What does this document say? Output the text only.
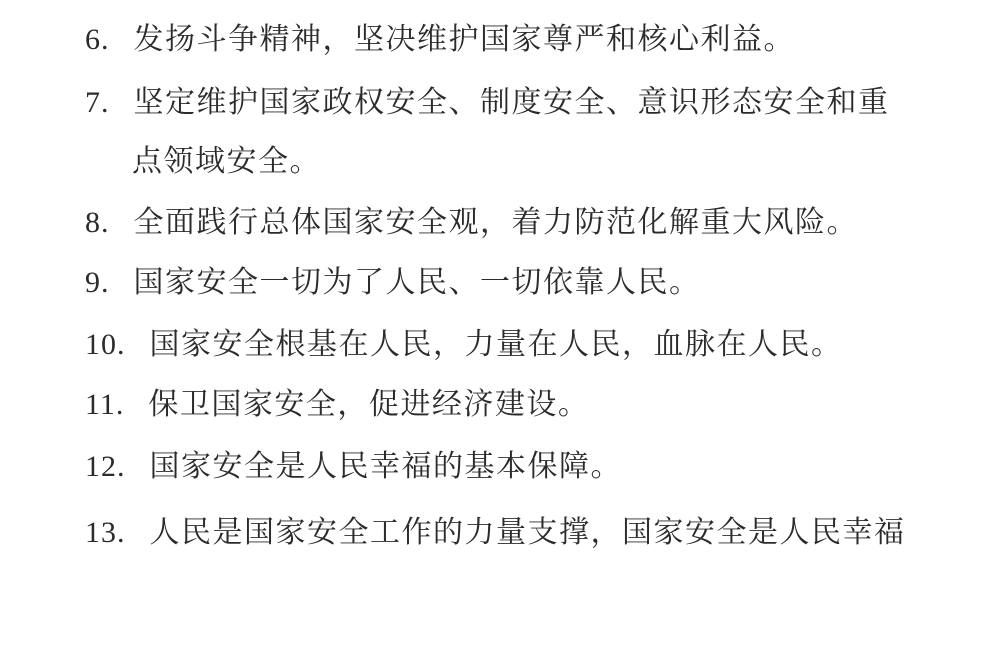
6. 发扬斗争精神，坚决维护国家尊严和核心利益。
7. 坚定维护国家政权安全、制度安全、意识形态安全和重
点领域安全。
8. 全面践行总体国家安全观，着力防范化解重大风险。
9. 国家安全一切为了人民、一切依靠人民。
10. 国家安全根基在人民，力量在人民，血脉在人民。
11. 保卫国家安全，促进经济建设。
12. 国家安全是人民幸福的基本保障。
13. 人民是国家安全工作的力量支撑，国家安全是人民幸福
